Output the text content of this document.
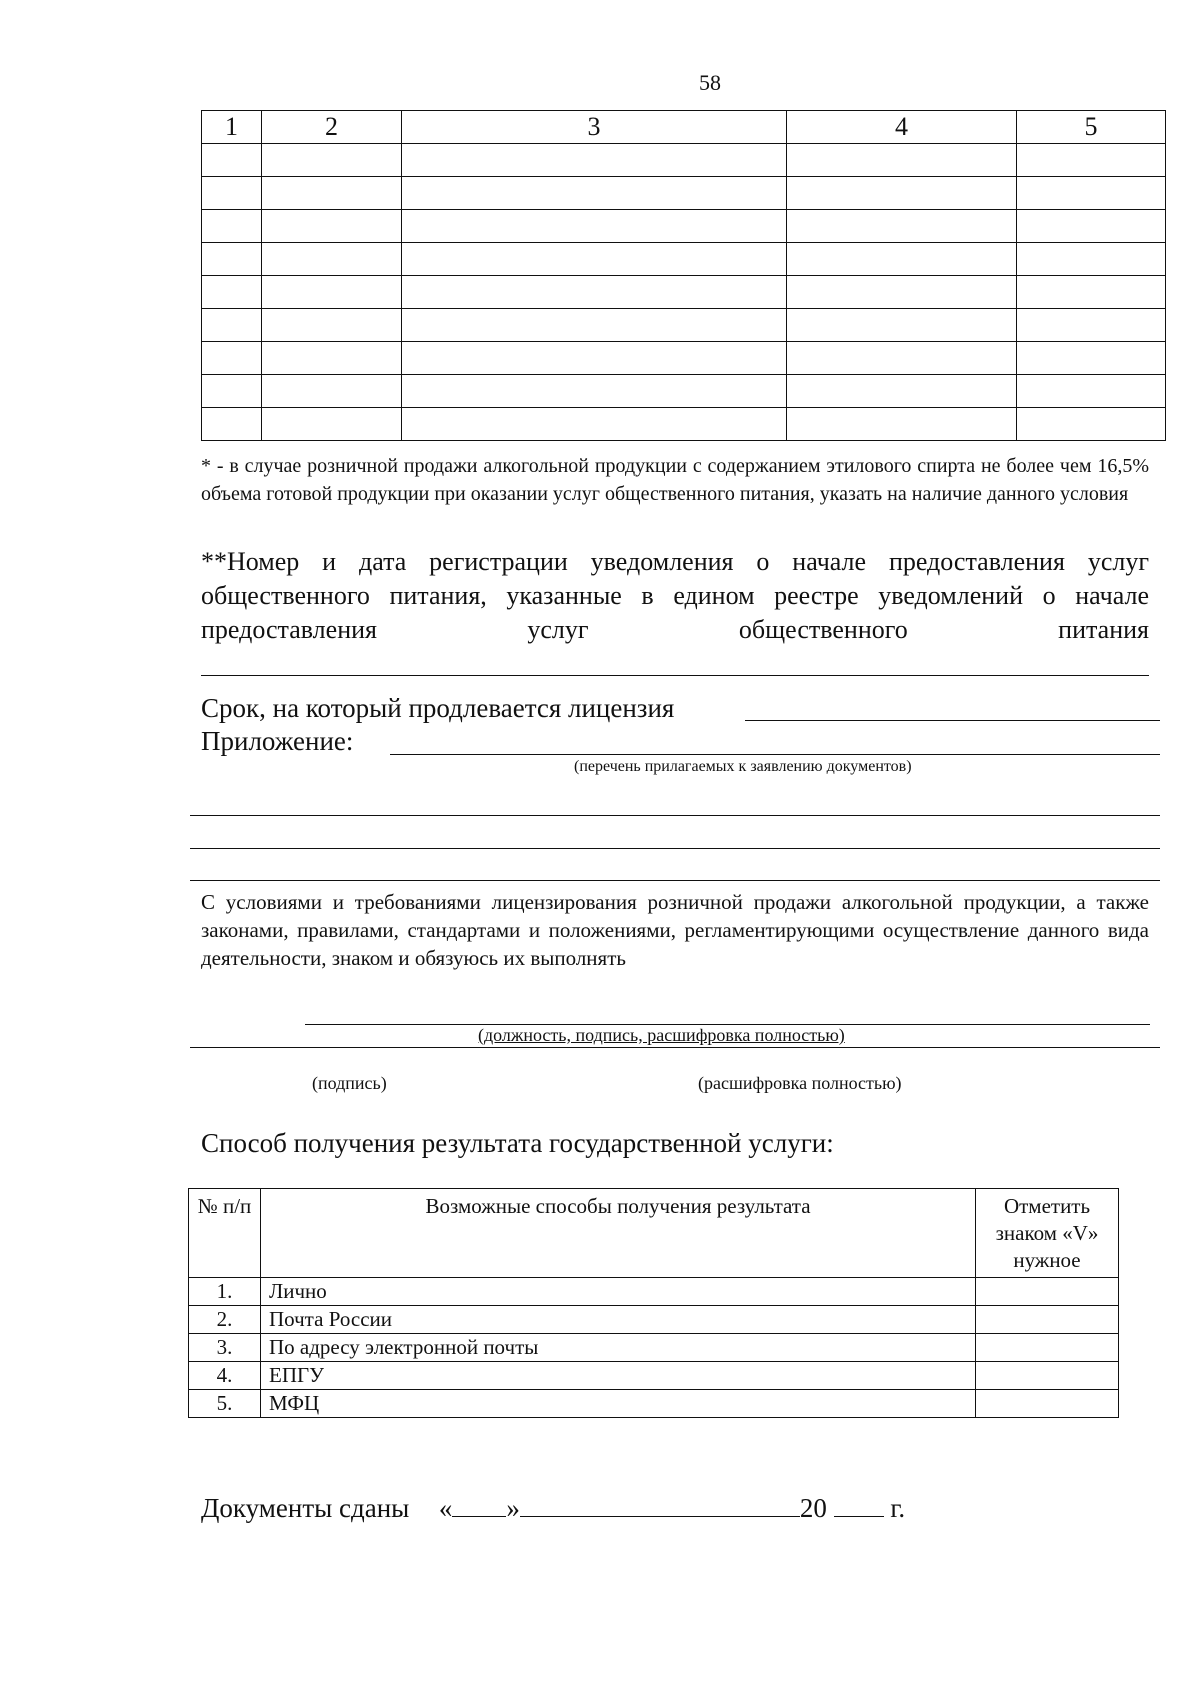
58
1	2	3	4	5

* - в случае розничной продажи алкогольной продукции с содержанием этилового спирта не более чем 16,5% объема готовой продукции при оказании услуг общественного питания, указать на наличие данного условия
**Номер и дата регистрации уведомления о начале предоставления услуг
общественного питания, указанные в едином реестре уведомлений о начале
предоставления услуг общественного питания
Срок, на который продлевается лицензия
Приложение:
(перечень прилагаемых к заявлению документов)
С условиями и требованиями лицензирования розничной продажи алкогольной продукции, а также законами, правилами, стандартами и положениями, регламентирующими осуществление данного вида деятельности, знаком и обязуюсь их выполнять
(должность, подпись, расшифровка полностью)
(подпись)	(расшифровка полностью)
Способ получения результата государственной услуги:
№ п/п	Возможные способы получения результата	Отметить знаком «V» нужное
1.	Лично	
2.	Почта России	
3.	По адресу электронной почты	
4.	ЕПГУ	
5.	МФЦ	
Документы сданы « »	20 г.
